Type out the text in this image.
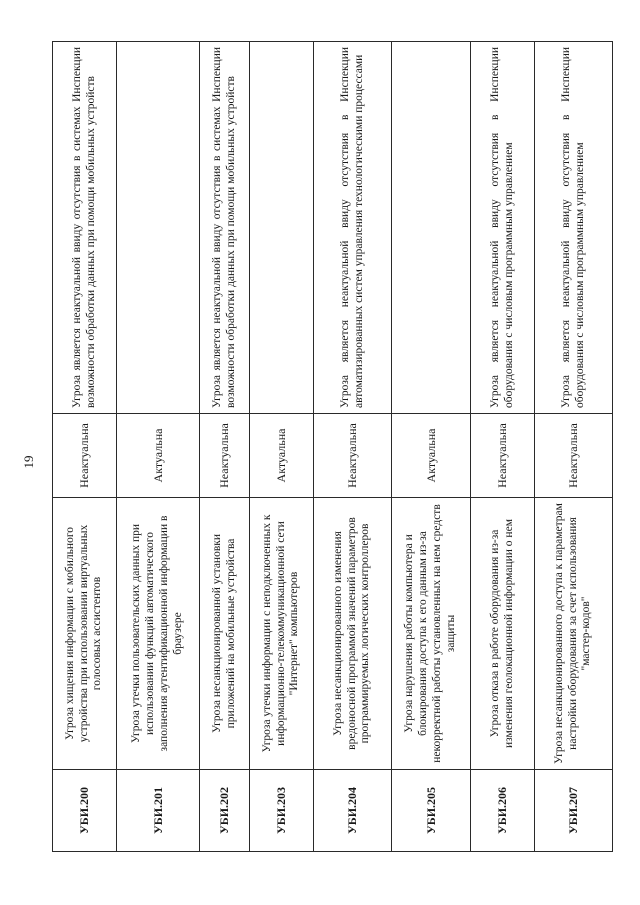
19
УБИ.200	Угроза хищения информации с мобильного устройства при использовании виртуальных голосовых ассистентов	Неактуальна	Угроза является неактуальной ввиду отсутствия в системах Инспекции возможности обработки данных при помощи мобильных устройств
УБИ.201	Угроза утечки пользовательских данных при использовании функций автоматического заполнения аутентификационной информации в браузере	Актуальна	
УБИ.202	Угроза несанкционированной установки приложений на мобильные устройства	Неактуальна	Угроза является неактуальной ввиду отсутствия в системах Инспекции возможности обработки данных при помощи мобильных устройств
УБИ.203	Угроза утечки информации с неподключенных к информационно-телекоммуникационной сети "Интернет" компьютеров	Актуальна	
УБИ.204	Угроза несанкционированного изменения вредоносной программой значений параметров программируемых логических контроллеров	Неактуальна	Угроза является неактуальной ввиду отсутствия в Инспекции автоматизированных систем управления технологическими процессами
УБИ.205	Угроза нарушения работы компьютера и блокирования доступа к его данным из-за некорректной работы установленных на нем средств защиты	Актуальна	
УБИ.206	Угроза отказа в работе оборудования из-за изменения геолокационной информации о нем	Неактуальна	Угроза является неактуальной ввиду отсутствия в Инспекции оборудования с числовым программным управлением
УБИ.207	Угроза несанкционированного доступа к параметрам настройки оборудования за счет использования "мастер-кодов"	Неактуальна	Угроза является неактуальной ввиду отсутствия в Инспекции оборудования с числовым программным управлением
